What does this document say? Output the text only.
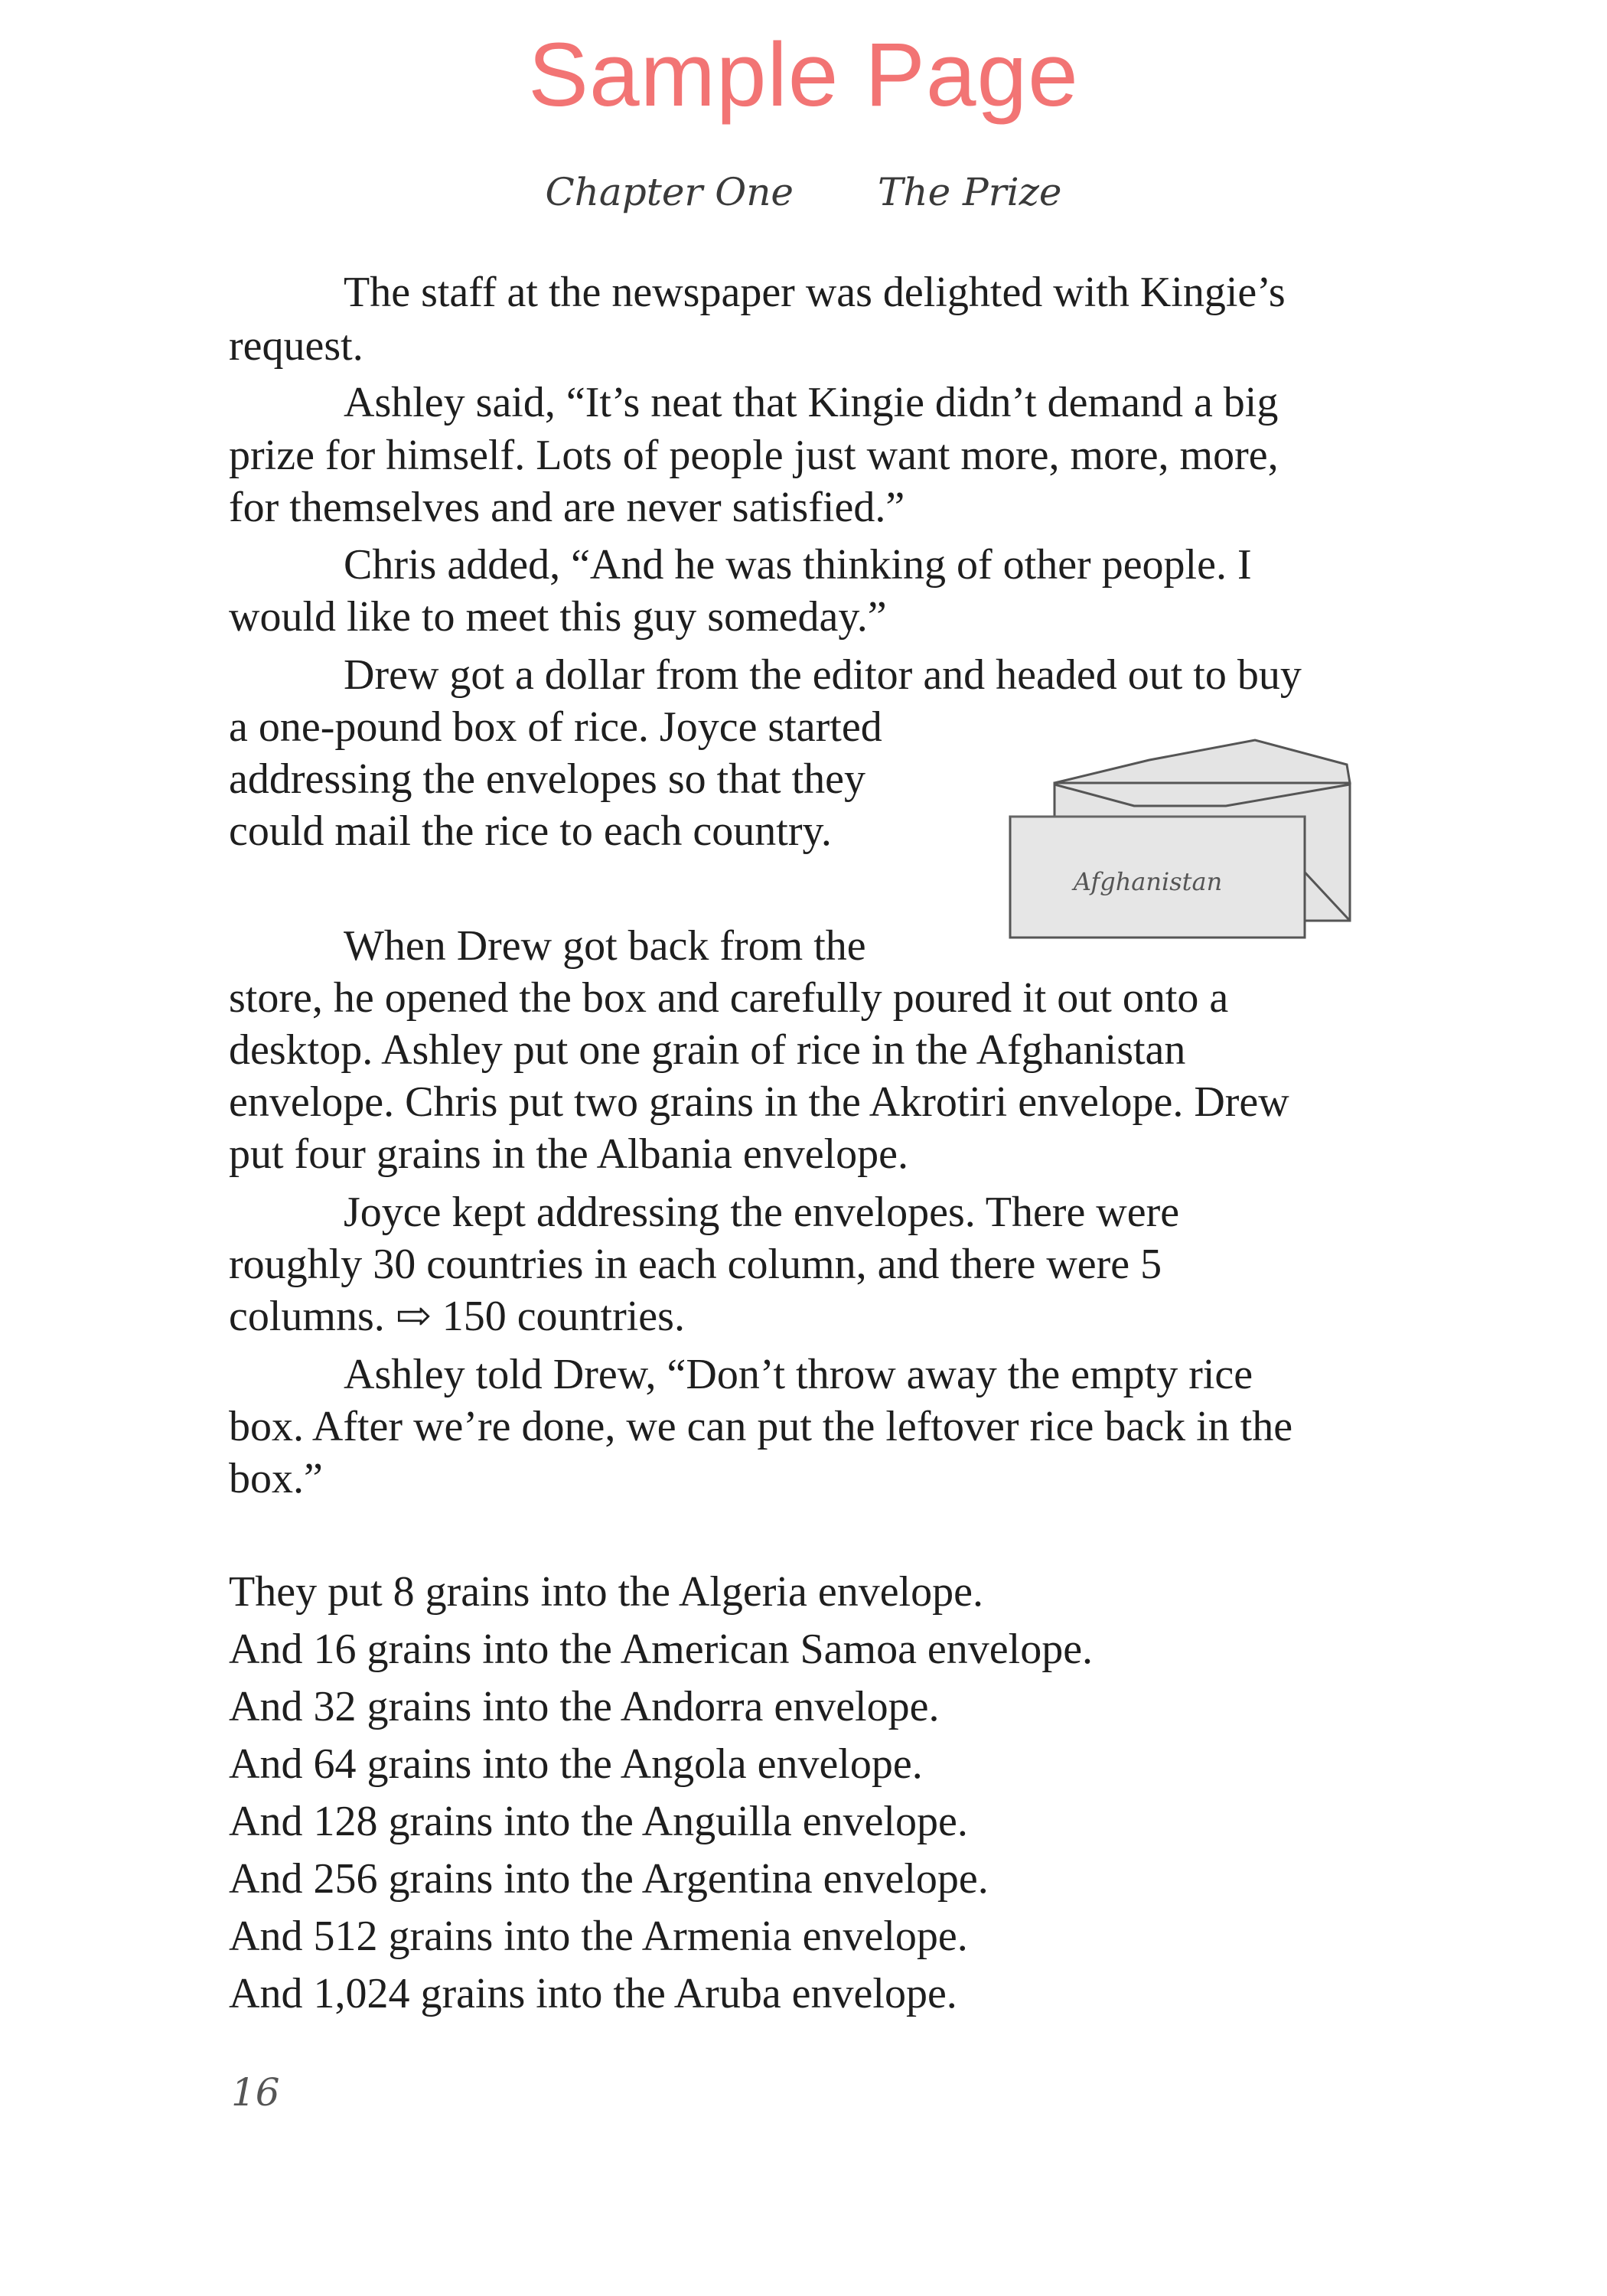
Sample Page
Chapter One The Prize
The staff at the newspaper was delighted with Kingie’s
request.
Ashley said, “It’s neat that Kingie didn’t demand a big
prize for himself. Lots of people just want more, more, more,
for themselves and are never satisfied.”
Chris added, “And he was thinking of other people. I
would like to meet this guy someday.”
Drew got a dollar from the editor and headed out to buy
a one-pound box of rice. Joyce started
addressing the envelopes so that they
could mail the rice to each country.
When Drew got back from the
store, he opened the box and carefully poured it out onto a
desktop. Ashley put one grain of rice in the Afghanistan
envelope. Chris put two grains in the Akrotiri envelope. Drew
put four grains in the Albania envelope.
Joyce kept addressing the envelopes. There were
roughly 30 countries in each column, and there were 5
columns. ⇨ 150 countries.
Ashley told Drew, “Don’t throw away the empty rice
box. After we’re done, we can put the leftover rice back in the
box.”
They put 8 grains into the Algeria envelope.
And 16 grains into the American Samoa envelope.
And 32 grains into the Andorra envelope.
And 64 grains into the Angola envelope.
And 128 grains into the Anguilla envelope.
And 256 grains into the Argentina envelope.
And 512 grains into the Armenia envelope.
And 1,024 grains into the Aruba envelope.
Afghanistan
16
